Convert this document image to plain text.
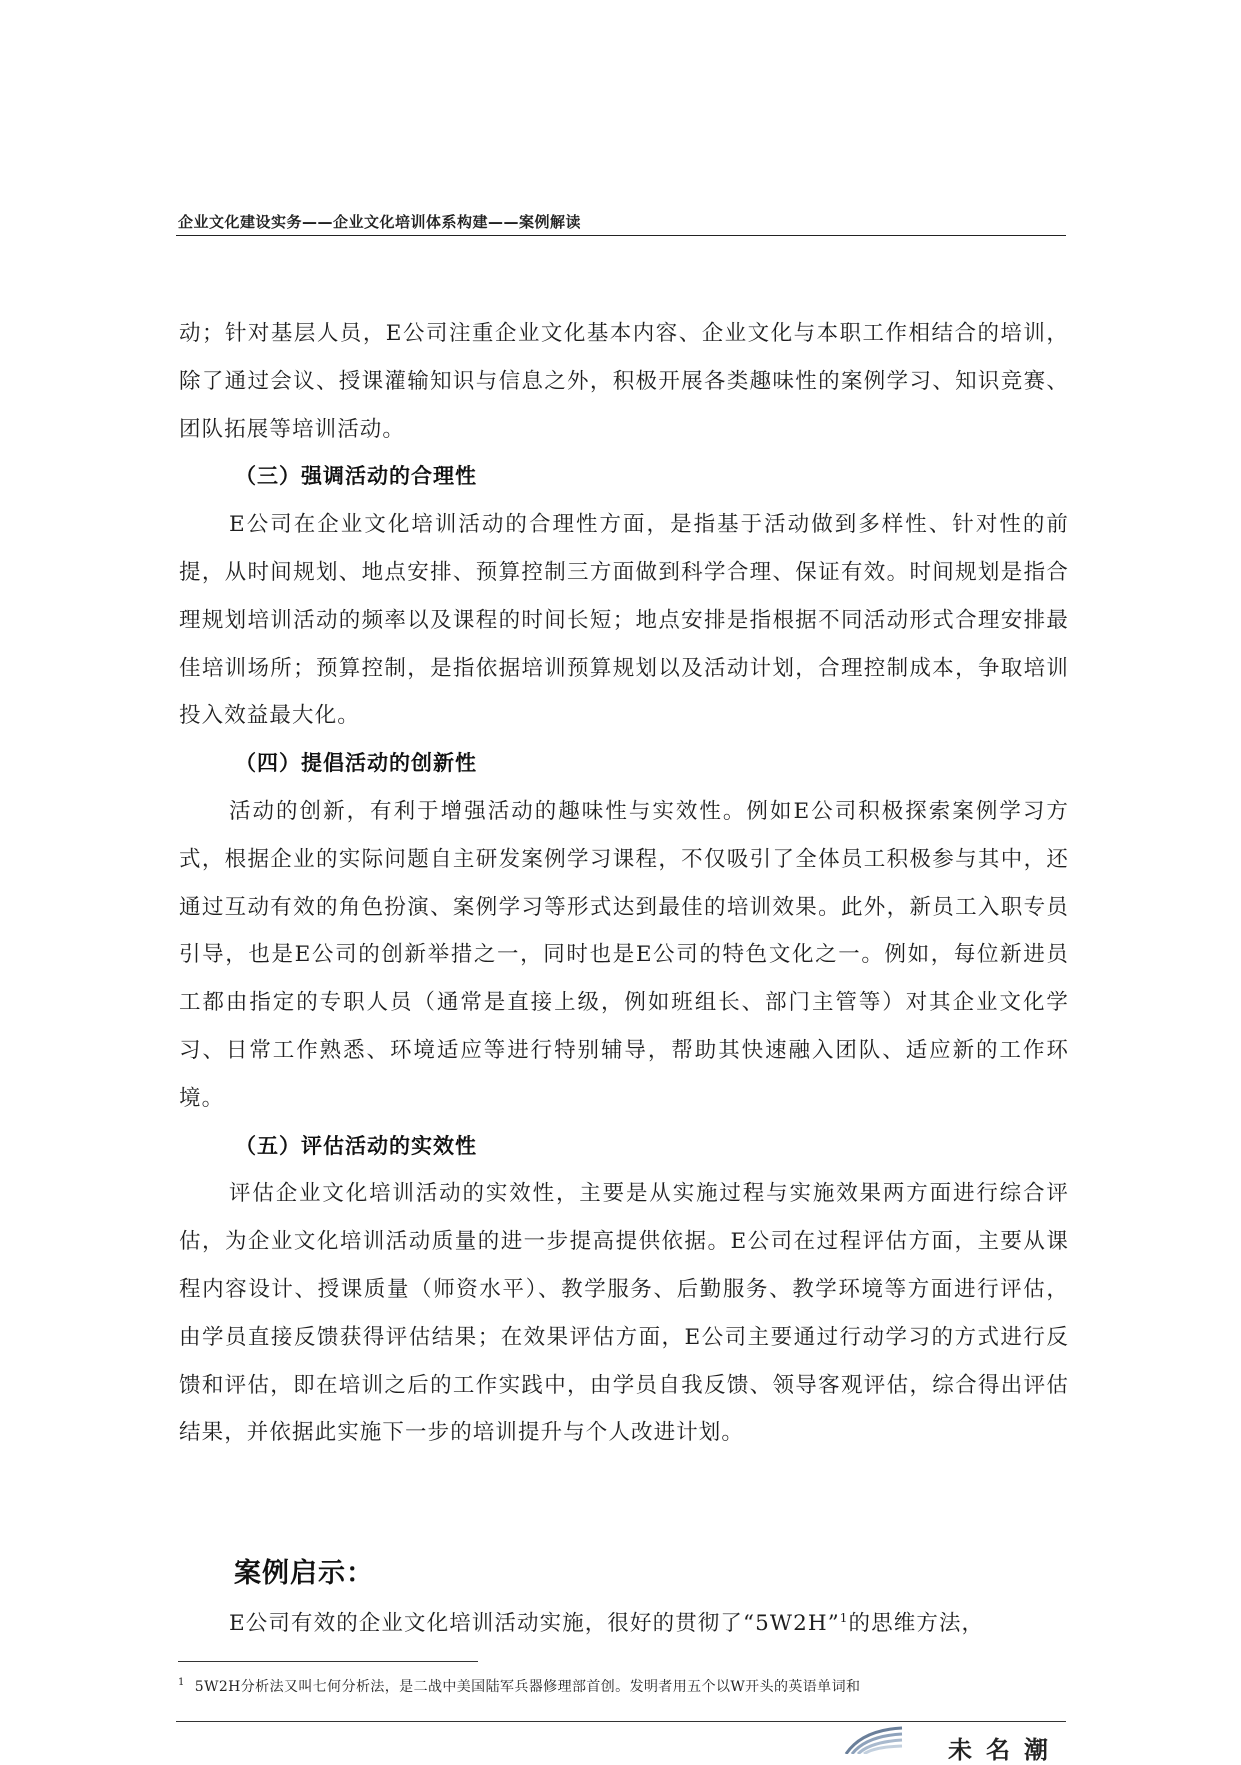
企业文化建设实务——企业文化培训体系构建——案例解读

动；针对基层人员，E公司注重企业文化基本内容、企业文化与本职工作相结合的培训，除了通过会议、授课灌输知识与信息之外，积极开展各类趣味性的案例学习、知识竞赛、团队拓展等培训活动。

（三）强调活动的合理性

E公司在企业文化培训活动的合理性方面，是指基于活动做到多样性、针对性的前提，从时间规划、地点安排、预算控制三方面做到科学合理、保证有效。时间规划是指合理规划培训活动的频率以及课程的时间长短；地点安排是指根据不同活动形式合理安排最佳培训场所；预算控制，是指依据培训预算规划以及活动计划，合理控制成本，争取培训投入效益最大化。

（四）提倡活动的创新性

活动的创新，有利于增强活动的趣味性与实效性。例如E公司积极探索案例学习方式，根据企业的实际问题自主研发案例学习课程，不仅吸引了全体员工积极参与其中，还通过互动有效的角色扮演、案例学习等形式达到最佳的培训效果。此外，新员工入职专员引导，也是E公司的创新举措之一，同时也是E公司的特色文化之一。例如，每位新进员工都由指定的专职人员（通常是直接上级，例如班组长、部门主管等）对其企业文化学习、日常工作熟悉、环境适应等进行特别辅导，帮助其快速融入团队、适应新的工作环境。

（五）评估活动的实效性

评估企业文化培训活动的实效性，主要是从实施过程与实施效果两方面进行综合评估，为企业文化培训活动质量的进一步提高提供依据。E公司在过程评估方面，主要从课程内容设计、授课质量（师资水平）、教学服务、后勤服务、教学环境等方面进行评估，由学员直接反馈获得评估结果；在效果评估方面，E公司主要通过行动学习的方式进行反馈和评估，即在培训之后的工作实践中，由学员自我反馈、领导客观评估，综合得出评估结果，并依据此实施下一步的培训提升与个人改进计划。

案例启示：

E公司有效的企业文化培训活动实施，很好的贯彻了“5W2H”$^1$的思维方法，

$^1$ 5W2H分析法又叫七何分析法，是二战中美国陆军兵器修理部首创。发明者用五个以W开头的英语单词和
未名潮
